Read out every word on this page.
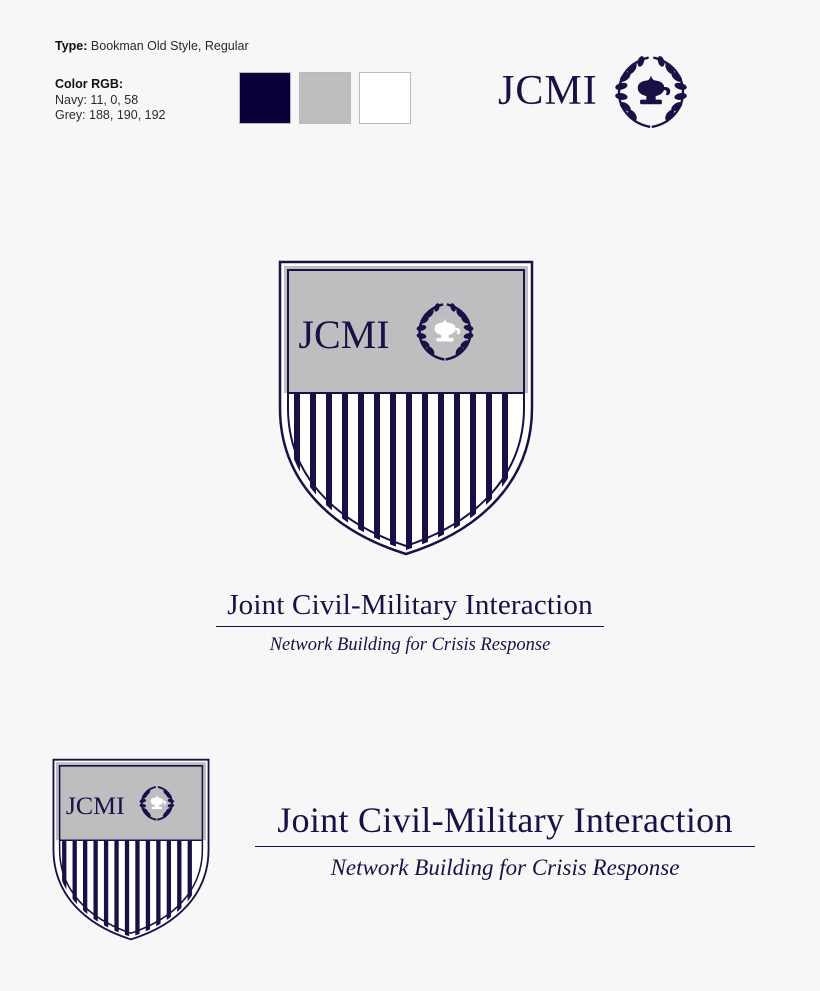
Type: Bookman Old Style, Regular
Color RGB:
Navy: 11, 0, 58
Grey: 188, 190, 192
JCMI
JCMI
Joint Civil-Military Interaction
Network Building for Crisis Response
JCMI	Joint Civil-Military Interaction
Network Building for Crisis Response
